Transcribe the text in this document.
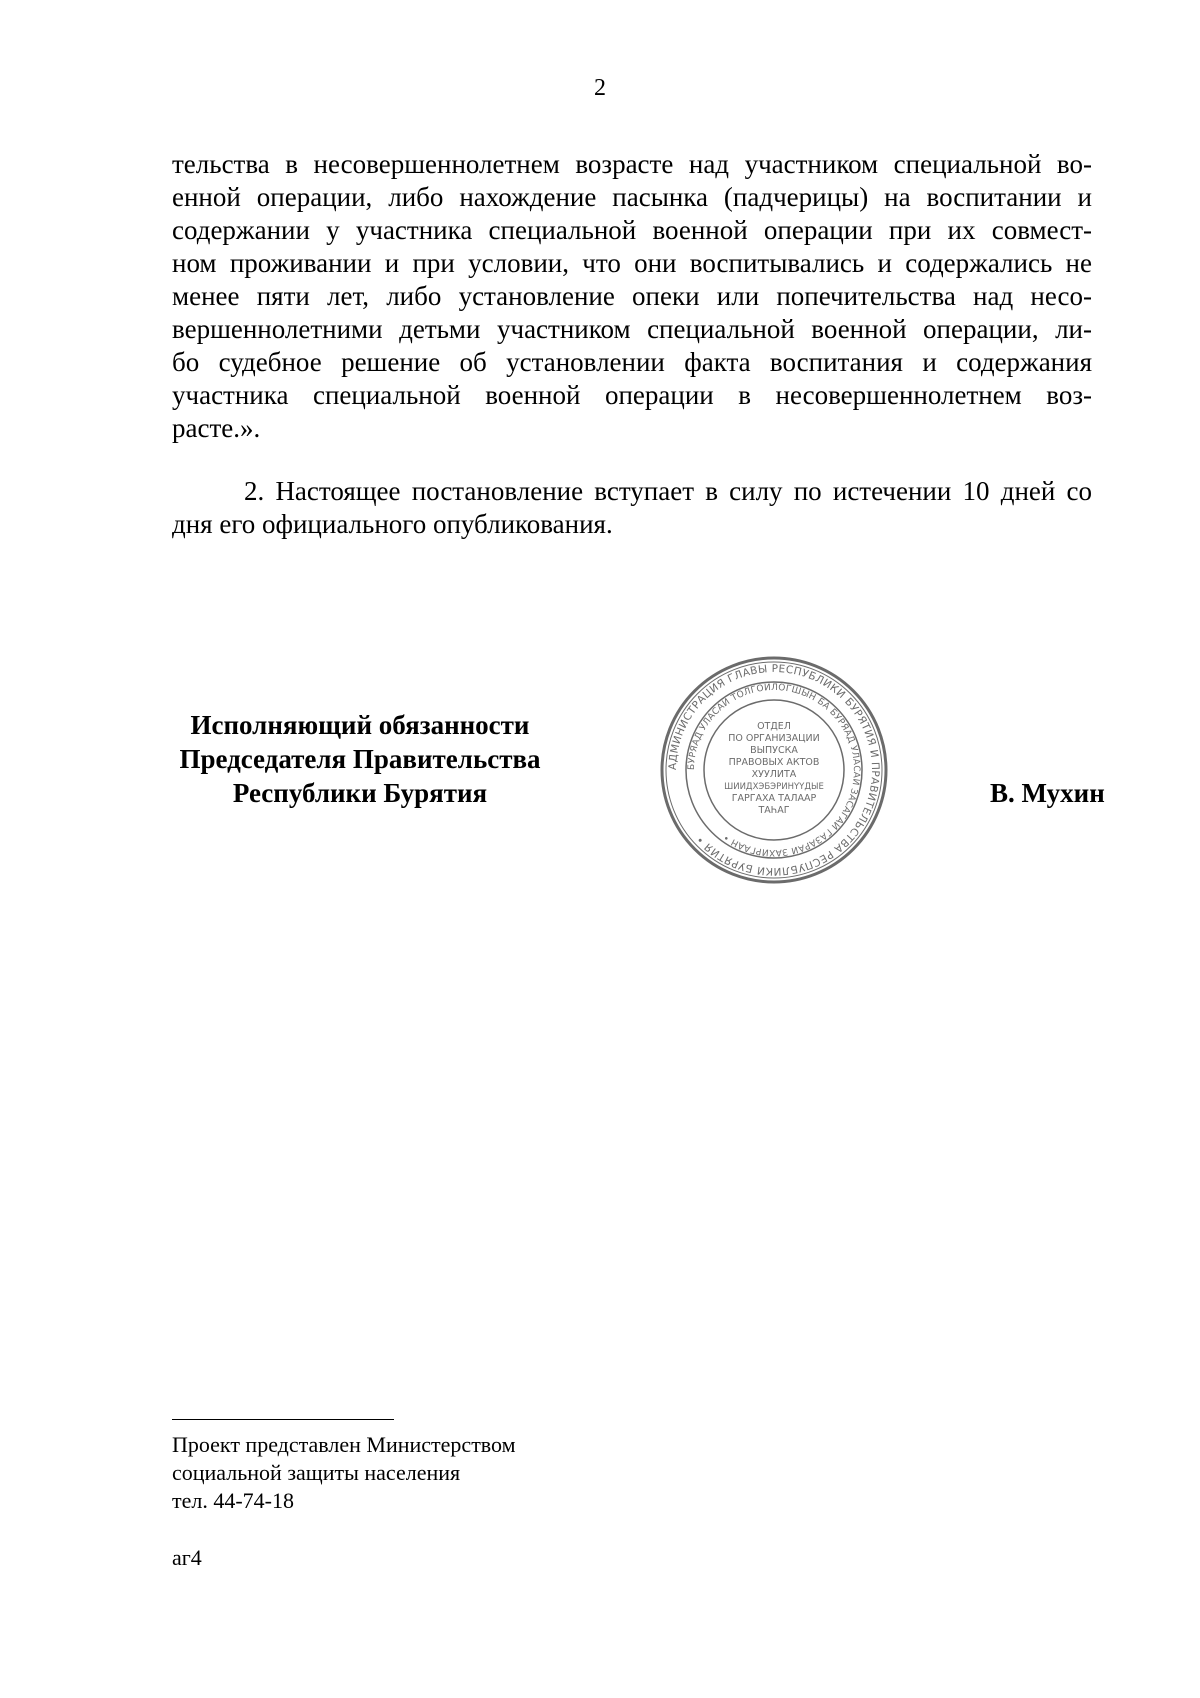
2
тельства в несовершеннолетнем возрасте над участником специальной во-
енной операции, либо нахождение пасынка (падчерицы) на воспитании и
содержании у участника специальной военной операции при их совмест-
ном проживании и при условии, что они воспитывались и содержались не
менее пяти лет, либо установление опеки или попечительства над несо-
вершеннолетними детьми участником специальной военной операции, ли-
бо судебное решение об установлении факта воспитания и содержания
участника специальной военной операции в несовершеннолетнем воз-
расте.».
2. Настоящее постановление вступает в силу по истечении 10 дней со
дня его официального опубликования.
Исполняющий обязанности
Председателя Правительства
Республики Бурятия
АДМИНИСТРАЦИЯ ГЛАВЫ РЕСПУБЛИКИ БУРЯТИЯ И ПРАВИТЕЛЬСТВА РЕСПУБЛИКИ БУРЯТИЯ •
БУРЯАД УЛАСАЙ ТОЛГОЙЛОГШЫН БА БУРЯАД УЛАСАЙ ЗАСАГАЙ ГАЗАРАЙ ЗАХИРГААН •
ОТДЕЛ
ПО ОРГАНИЗАЦИИ
ВЫПУСКА
ПРАВОВЫХ АКТОВ
ХУУЛИТА
ШИИДХЭБЭРИНҮҮДЫЕ
ГАРГАХА ТАЛААР
ТАҺАГ
В. Мухин
Проект представлен Министерством
социальной защиты населения
тел. 44-74-18
аг4
